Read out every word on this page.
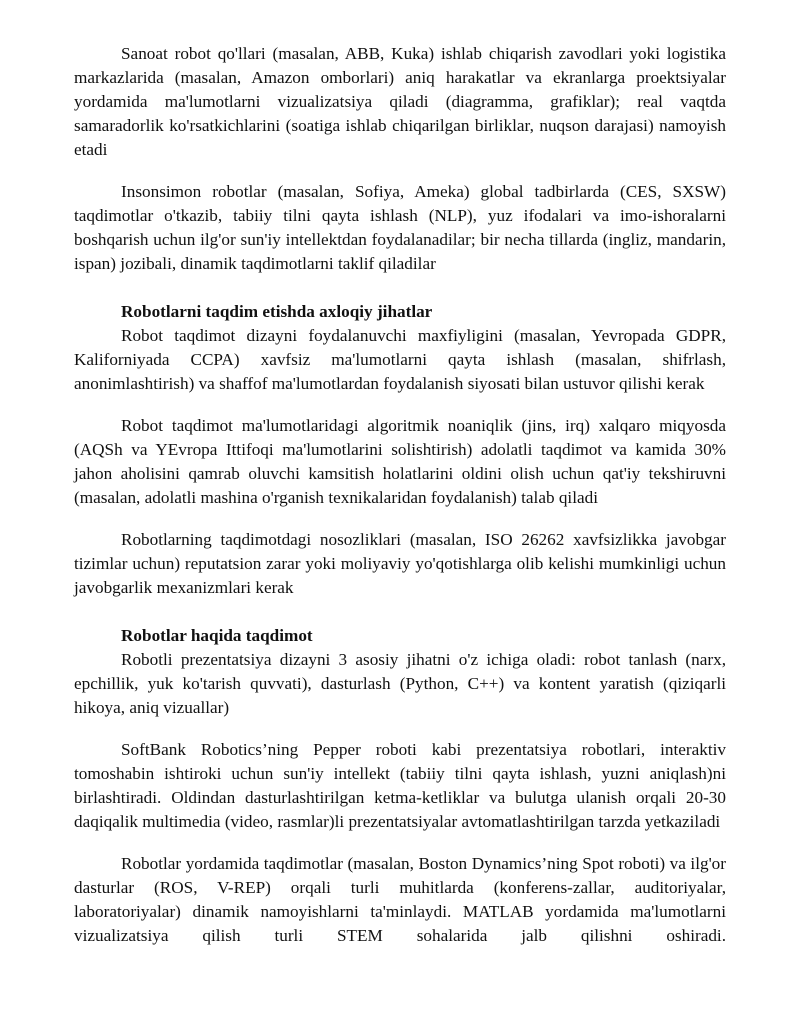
Sanoat robot qo'llari (masalan, ABB, Kuka) ishlab chiqarish zavodlari yoki logistika markazlarida (masalan, Amazon omborlari) aniq harakatlar va ekranlarga proektsiyalar yordamida ma'lumotlarni vizualizatsiya qiladi (diagramma, grafiklar); real vaqtda samaradorlik ko'rsatkichlarini (soatiga ishlab chiqarilgan birliklar, nuqson darajasi) namoyish etadi

Insonsimon robotlar (masalan, Sofiya, Ameka) global tadbirlarda (CES, SXSW) taqdimotlar o'tkazib, tabiiy tilni qayta ishlash (NLP), yuz ifodalari va imo-ishoralarni boshqarish uchun ilg'or sun'iy intellektdan foydalanadilar; bir necha tillarda (ingliz, mandarin, ispan) jozibali, dinamik taqdimotlarni taklif qiladilar

Robotlarni taqdim etishda axloqiy jihatlar

Robot taqdimot dizayni foydalanuvchi maxfiyligini (masalan, Yevropada GDPR, Kaliforniyada CCPA) xavfsiz ma'lumotlarni qayta ishlash (masalan, shifrlash, anonimlashtirish) va shaffof ma'lumotlardan foydalanish siyosati bilan ustuvor qilishi kerak

Robot taqdimot ma'lumotlaridagi algoritmik noaniqlik (jins, irq) xalqaro miqyosda (AQSh va YEvropa Ittifoqi ma'lumotlarini solishtirish) adolatli taqdimot va kamida 30% jahon aholisini qamrab oluvchi kamsitish holatlarini oldini olish uchun qat'iy tekshiruvni (masalan, adolatli mashina o'rganish texnikalaridan foydalanish) talab qiladi

Robotlarning taqdimotdagi nosozliklari (masalan, ISO 26262 xavfsizlikka javobgar tizimlar uchun) reputatsion zarar yoki moliyaviy yo'qotishlarga olib kelishi mumkinligi uchun javobgarlik mexanizmlari kerak

Robotlar haqida taqdimot

Robotli prezentatsiya dizayni 3 asosiy jihatni o'z ichiga oladi: robot tanlash (narx, epchillik, yuk ko'tarish quvvati), dasturlash (Python, C++) va kontent yaratish (qiziqarli hikoya, aniq vizuallar)

SoftBank Robotics’ning Pepper roboti kabi prezentatsiya robotlari, interaktiv tomoshabin ishtiroki uchun sun'iy intellekt (tabiiy tilni qayta ishlash, yuzni aniqlash)ni birlashtiradi. Oldindan dasturlashtirilgan ketma-ketliklar va bulutga ulanish orqali 20-30 daqiqalik multimedia (video, rasmlar)li prezentatsiyalar avtomatlashtirilgan tarzda yetkaziladi

Robotlar yordamida taqdimotlar (masalan, Boston Dynamics’ning Spot roboti) va ilg'or dasturlar (ROS, V-REP) orqali turli muhitlarda (konferens-zallar, auditoriyalar, laboratoriyalar) dinamik namoyishlarni ta'minlaydi. MATLAB yordamida ma'lumotlarni vizualizatsiya qilish turli STEM sohalarida jalb qilishni oshiradi.
